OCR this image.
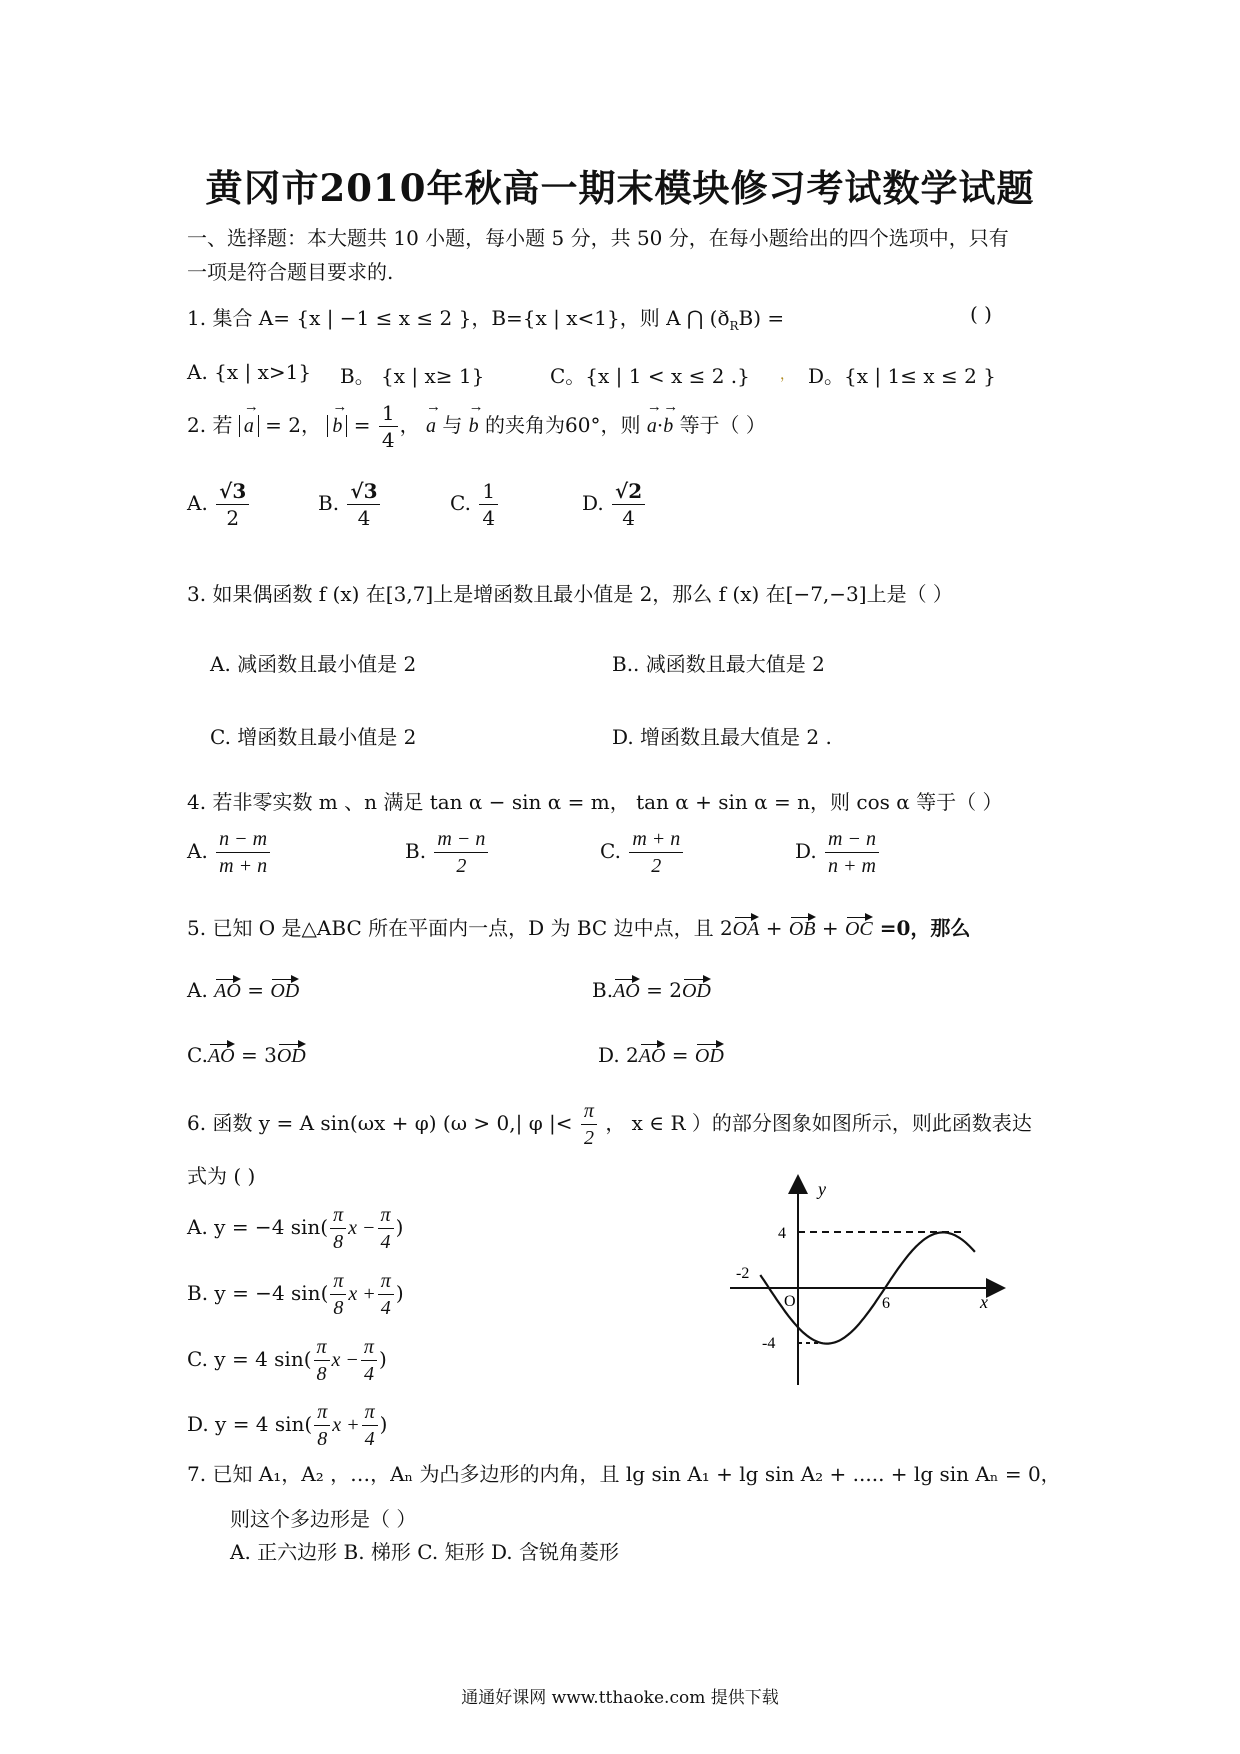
黄冈市2010年秋高一期末模块修习考试数学试题
一、选择题：本大题共 10 小题，每小题 5 分，共 50 分，在每小题给出的四个选项中，只有
一项是符合题目要求的.
1. 集合 A= {x | −1 ≤ x ≤ 2 }，B={x | x<1}，则 A ⋂ $(ð_RB)$ =	( )
A. {x | x>1} B。 {x | x≥ 1}	C。{x | 1 < x ≤ 2 .} ， D。{x | 1≤ x ≤ 2 }
2. 若 → a = 2， → $b = \frac{1}{4}$ ， → a 与 → b 的夹角为60°，则 → a·→ b 等于（ ）
A. $\frac{√3}{2}$	B. $\frac{√3}{4}$	C. $\frac{1}{4}$	D. $\frac{√2}{4}$
3. 如果偶函数 f (x) 在[3,7]上是增函数且最小值是 2，那么 f (x) 在[−7,−3]上是（ ）
A. 减函数且最小值是 2	B.. 减函数且最大值是 2
C. 增函数且最小值是 2	D. 增函数且最大值是 2 .
4. 若非零实数 m 、n 满足 tan α − sin α = m， tan α + sin α = n，则 cos α 等于（ ）
A. $\frac{n - m}{m + n}$	B. $\frac{m - n}{2}$	C. $\frac{m + n}{2}$	D. $\frac{m - n}{n + m}$
5. 已知 O 是△ABC 所在平面内一点，D 为 BC 边中点，且 2OA + OB + OC =0，那么
A. AO = OD	B.AO = 2OD
C.AO = 3OD	D. 2AO = OD
6. 函数 y = A sin(ωx + φ) (ω > 0,| φ |< $\frac{\pi}{2}$ ， x ∈ R ）的部分图象如图所示，则此函数表达
式为 ( )
A. y = −4 $\sin( \frac{\pi}{8}$ $x - \frac{\pi}{4}$ )
B. y = −4 $\sin( \frac{\pi}{8}$ $x + \frac{\pi}{4}$ )
C. y = 4 $\sin( \frac{\pi}{8}$ $x - \frac{\pi}{4}$ )
D. y = 4 $\sin( \frac{\pi}{8}$ $x + \frac{\pi}{4}$ )
y
x
4
-4
-2
6
O
7. 已知 A₁，A₂ ，…，Aₙ 为凸多边形的内角，且 lg sin A₁ + lg sin A₂ + ..... + lg sin Aₙ = 0，
则这个多边形是（ ）
A. 正六边形 B. 梯形 C. 矩形 D. 含锐角菱形
通通好课网 www.tthaoke.com 提供下载
